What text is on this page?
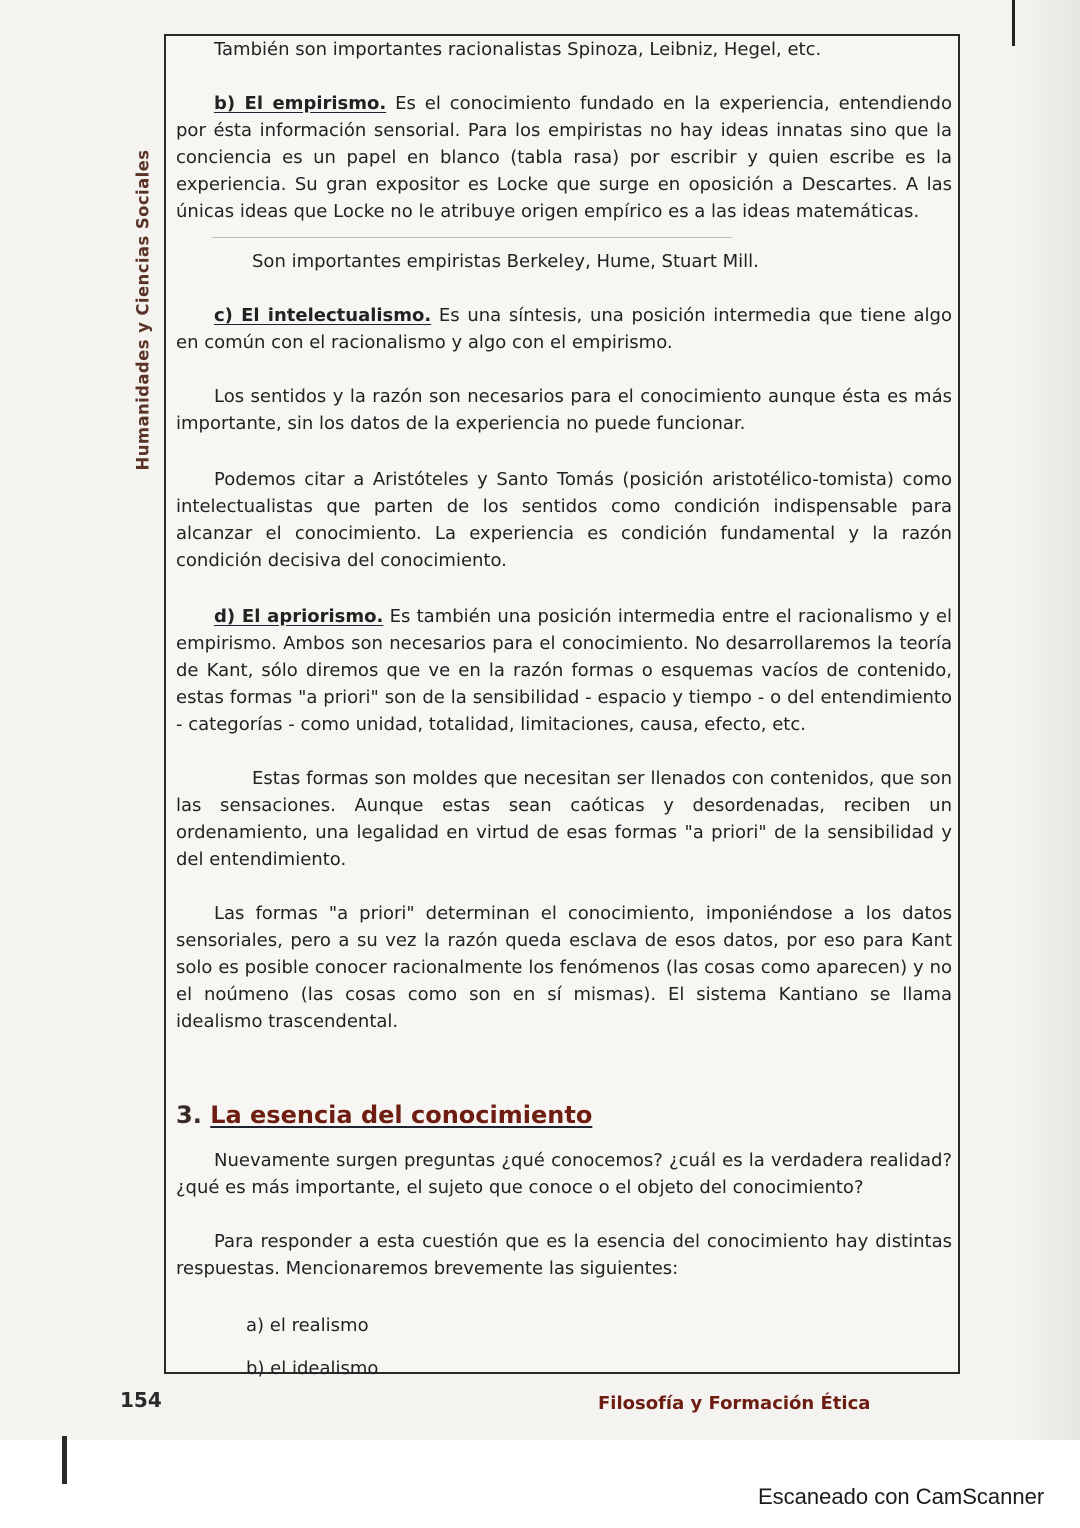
Humanidades y Ciencias Sociales

También son importantes racionalistas Spinoza, Leibniz, Hegel, etc.

b) El empirismo. Es el conocimiento fundado en la experiencia, entendiendo por ésta información sensorial. Para los empiristas no hay ideas innatas sino que la conciencia es un papel en blanco (tabla rasa) por escribir y quien escribe es la experiencia. Su gran expositor es Locke que surge en oposición a Descartes. A las únicas ideas que Locke no le atribuye origen empírico es a las ideas matemáticas.

Son importantes empiristas Berkeley, Hume, Stuart Mill.

c) El intelectualismo. Es una síntesis, una posición intermedia que tiene algo en común con el racionalismo y algo con el empirismo.

Los sentidos y la razón son necesarios para el conocimiento aunque ésta es más importante, sin los datos de la experiencia no puede funcionar.

Podemos citar a Aristóteles y Santo Tomás (posición aristotélico-tomista) como intelectualistas que parten de los sentidos como condición indispensable para alcanzar el conocimiento. La experiencia es condición fundamental y la razón condición decisiva del conocimiento.

d) El apriorismo. Es también una posición intermedia entre el racionalismo y el empirismo. Ambos son necesarios para el conocimiento. No desarrollaremos la teoría de Kant, sólo diremos que ve en la razón formas o esquemas vacíos de contenido, estas formas "a priori" son de la sensibilidad - espacio y tiempo - o del entendimiento - categorías - como unidad, totalidad, limitaciones, causa, efecto, etc.

Estas formas son moldes que necesitan ser llenados con contenidos, que son las sensaciones. Aunque estas sean caóticas y desordenadas, reciben un ordenamiento, una legalidad en virtud de esas formas "a priori" de la sensibilidad y del entendimiento.

Las formas "a priori" determinan el conocimiento, imponiéndose a los datos sensoriales, pero a su vez la razón queda esclava de esos datos, por eso para Kant solo es posible conocer racionalmente los fenómenos (las cosas como aparecen) y no el noúmeno (las cosas como son en sí mismas). El sistema Kantiano se llama idealismo trascendental.

3. La esencia del conocimiento

Nuevamente surgen preguntas ¿qué conocemos? ¿cuál es la verdadera realidad? ¿qué es más importante, el sujeto que conoce o el objeto del conocimiento?

Para responder a esta cuestión que es la esencia del conocimiento hay distintas respuestas. Mencionaremos brevemente las siguientes:

a) el realismo
b) el idealismo
154	Filosofía y Formación Ética
Escaneado con CamScanner
